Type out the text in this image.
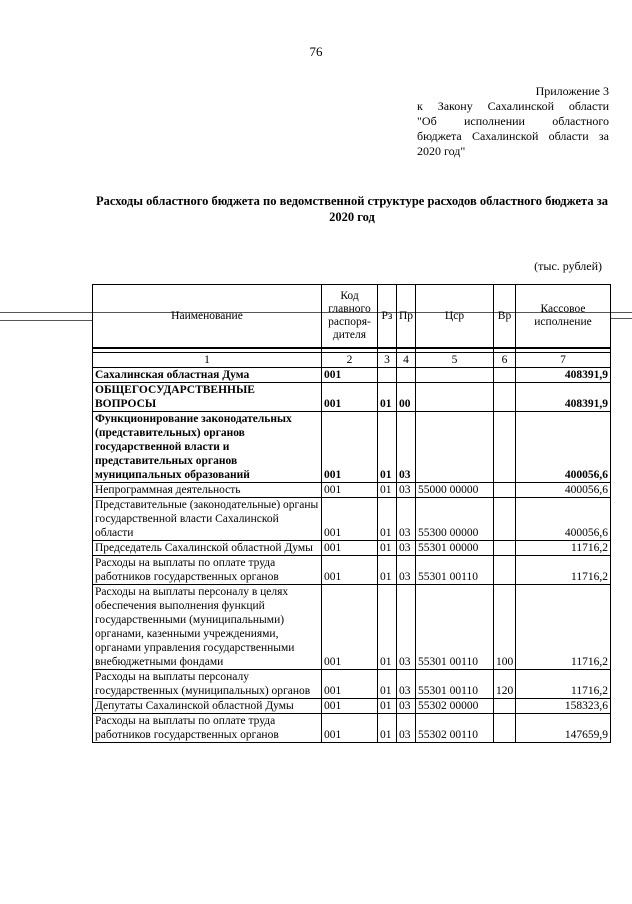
76
Приложение 3
к Закону Сахалинской области
"Об исполнении областного
бюджета Сахалинской области за
2020 год"
Расходы областного бюджета по ведомственной структуре расходов областного бюджета за 2020 год
(тыс. рублей)
Наименование	Код главного распоря-дителя	Рз	Пр	Цср	Вр	Кассовое исполнение

1	2	3	4	5	6	7
Сахалинская областная Дума	001					408391,9
ОБЩЕГОСУДАРСТВЕННЫЕ ВОПРОСЫ	001	01	00			408391,9
Функционирование законодательных (представительных) органов государственной власти и представительных органов муниципальных образований	001	01	03			400056,6
Непрограммная деятельность	001	01	03	55000 00000		400056,6
Представительные (законодательные) органы государственной власти Сахалинской области	001	01	03	55300 00000		400056,6
Председатель Сахалинской областной Думы	001	01	03	55301 00000		11716,2
Расходы на выплаты по оплате труда работников государственных органов	001	01	03	55301 00110		11716,2
Расходы на выплаты персоналу в целях обеспечения выполнения функций государственными (муниципальными) органами, казенными учреждениями, органами управления государственными внебюджетными фондами	001	01	03	55301 00110	100	11716,2
Расходы на выплаты персоналу государственных (муниципальных) органов	001	01	03	55301 00110	120	11716,2
Депутаты Сахалинской областной Думы	001	01	03	55302 00000		158323,6
Расходы на выплаты по оплате труда работников государственных органов	001	01	03	55302 00110		147659,9
